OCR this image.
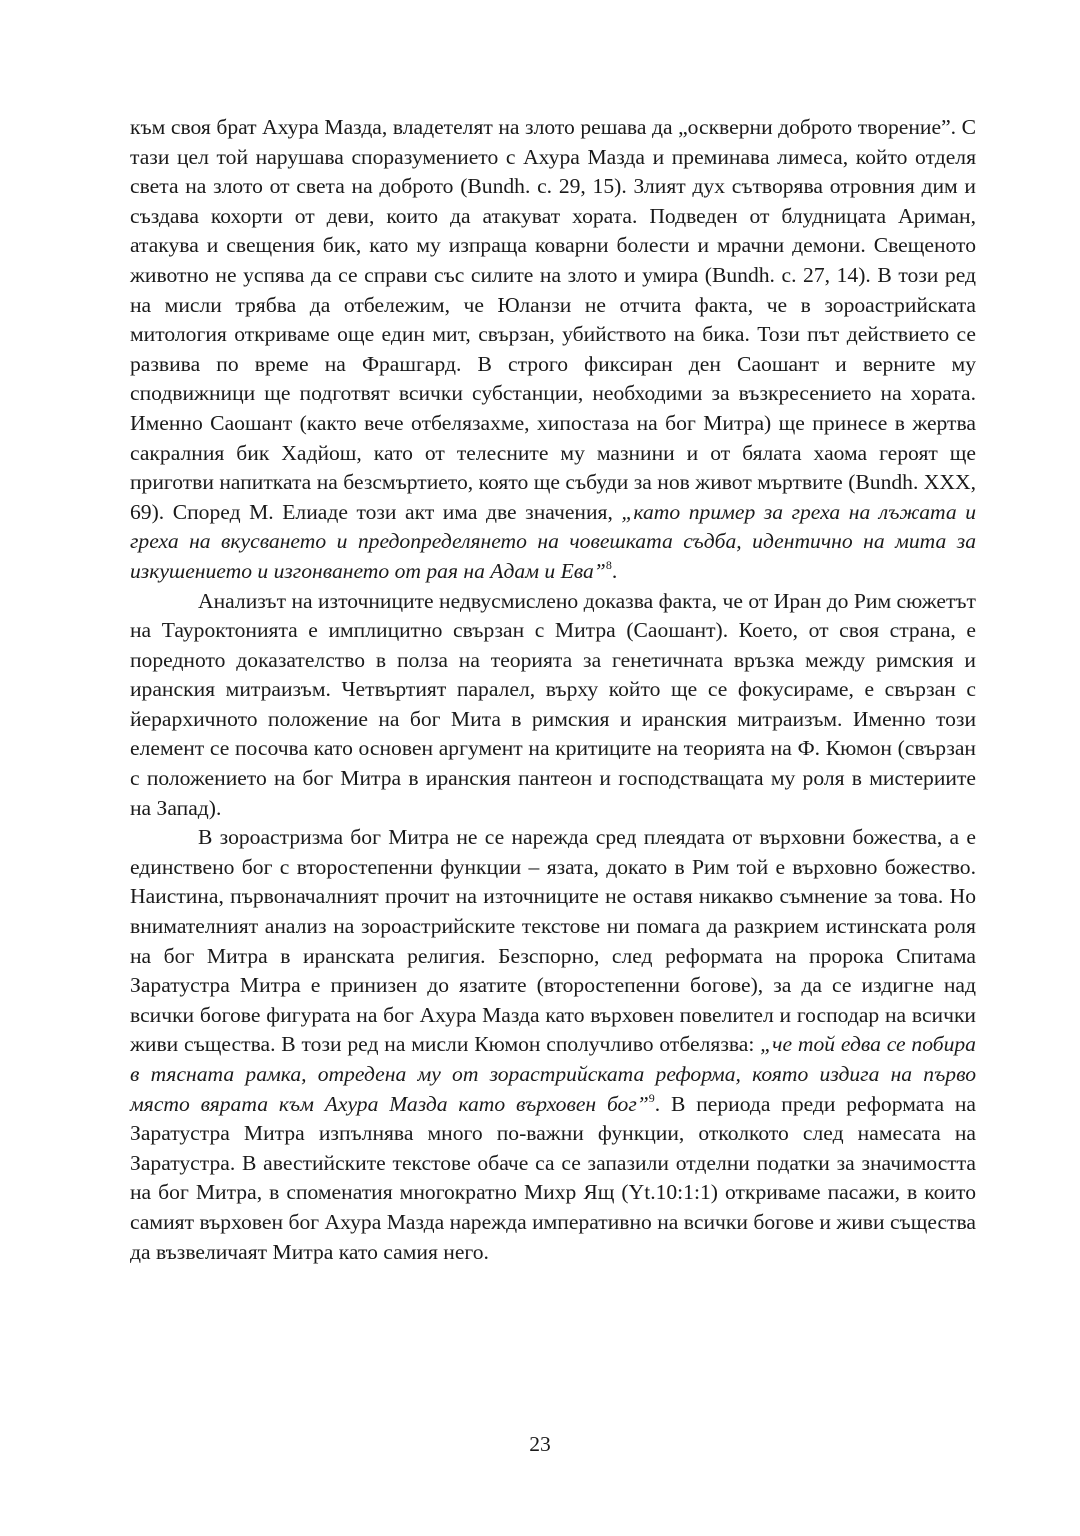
към своя брат Ахура Мазда, владетелят на злото решава да „оскверни доброто творение”. С тази цел той нарушава споразумението с Ахура Мазда и преминава лимеса, който отделя света на злото от света на доброто (Bundh. c. 29, 15). Злият дух сътворява отровния дим и създава кохорти от деви, които да атакуват хората. Подведен от блудницата Ариман, атакува и свещения бик, като му изпраща коварни болести и мрачни демони. Свещеното животно не успява да се справи със силите на злото и умира (Bundh. c. 27, 14). В този ред на мисли трябва да отбележим, че Юланзи не отчита факта, че в зороастрийската митология откриваме още един мит, свързан, убийството на бика. Този път действието се развива по време на Фрашгард. В строго фиксиран ден Саошант и верните му сподвижници ще подготвят всички субстанции, необходими за възкресението на хората. Именно Саошант (както вече отбелязахме, хипостаза на бог Митра) ще принесе в жертва сакралния бик Хадйош, като от телесните му мазнини и от бялата хаома героят ще приготви напитката на безсмъртието, която ще събуди за нов живот мъртвите (Bundh. XXX, 69). Според М. Елиаде този акт има две значения, „като пример за греха на лъжата и греха на вкусването и предопределянето на човешката съдба, идентично на мита за изкушението и изгонването от рая на Адам и Ева”$^8$.

Анализът на източниците недвусмислено доказва факта, че от Иран до Рим сюжетът на Тауроктонията е имплицитно свързан с Митра (Саошант). Което, от своя страна, е поредното доказателство в полза на теорията за генетичната връзка между римския и иранския митраизъм. Четвъртият паралел, върху който ще се фокусираме, е свързан с йерархичното положение на бог Мита в римския и иранския митраизъм. Именно този елемент се посочва като основен аргумент на критиците на теорията на Ф. Кюмон (свързан с положението на бог Митра в иранския пантеон и господстващата му роля в мистериите на Запад).

В зороастризма бог Митра не се нарежда сред плеядата от върховни божества, а е единствено бог с второстепенни функции – язата, докато в Рим той е върховно божество. Наистина, първоначалният прочит на източниците не оставя никакво съмнение за това. Но внимателният анализ на зороастрийските текстове ни помага да разкрием истинската роля на бог Митра в иранската религия. Безспорно, след реформата на пророка Спитама Заратустра Митра е принизен до язатите (второстепенни богове), за да се издигне над всички богове фигурата на бог Ахура Мазда като върховен повелител и господар на всички живи същества. В този ред на мисли Кюмон сполучливо отбелязва: „че той едва се побира в тясната рамка, отредена му от зорастрийската реформа, която издига на първо място вярата към Ахура Мазда като върховен бог”$^9$. В периода преди реформата на Заратустра Митра изпълнява много по-важни функции, отколкото след намесата на Заратустра. В авестийските текстове обаче са се запазили отделни податки за значимостта на бог Митра, в споменатия многократно Михр Ящ (Yt.10:1:1) откриваме пасажи, в които самият върховен бог Ахура Мазда нарежда императивно на всички богове и живи същества да възвеличаят Митра като самия него.

23
